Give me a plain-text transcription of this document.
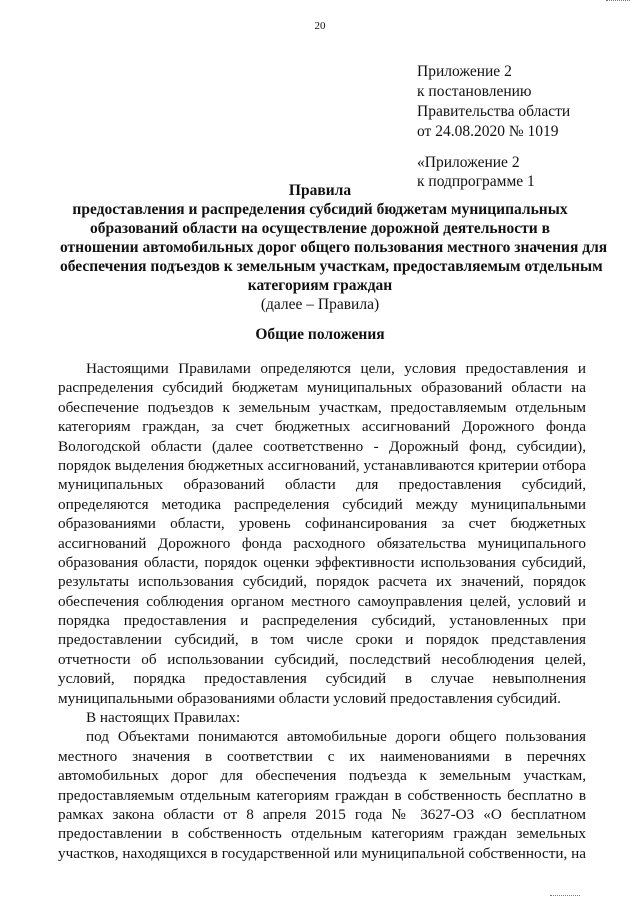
20
Приложение 2
к постановлению
Правительства области
от 24.08.2020 № 1019
«Приложение 2
к подпрограмме 1
Правила
предоставления и распределения субсидий бюджетам муниципальных
образований области на осуществление дорожной деятельности в
отношении автомобильных дорог общего пользования местного значения для
обеспечения подъездов к земельным участкам, предоставляемым отдельным
категориям граждан
(далее – Правила)
Общие положения
Настоящими Правилами определяются цели, условия предоставления и
распределения субсидий бюджетам муниципальных образований области на
обеспечение подъездов к земельным участкам, предоставляемым отдельным
категориям граждан, за счет бюджетных ассигнований Дорожного фонда
Вологодской области (далее соответственно - Дорожный фонд, субсидии),
порядок выделения бюджетных ассигнований, устанавливаются критерии отбора
муниципальных образований области для предоставления субсидий,
определяются методика распределения субсидий между муниципальными
образованиями области, уровень софинансирования за счет бюджетных
ассигнований Дорожного фонда расходного обязательства муниципального
образования области, порядок оценки эффективности использования субсидий,
результаты использования субсидий, порядок расчета их значений, порядок
обеспечения соблюдения органом местного самоуправления целей, условий и
порядка предоставления и распределения субсидий, установленных при
предоставлении субсидий, в том числе сроки и порядок представления
отчетности об использовании субсидий, последствий несоблюдения целей,
условий, порядка предоставления субсидий в случае невыполнения
муниципальными образованиями области условий предоставления субсидий.
В настоящих Правилах:
под Объектами понимаются автомобильные дороги общего пользования
местного значения в соответствии с их наименованиями в перечнях
автомобильных дорог для обеспечения подъезда к земельным участкам,
предоставляемым отдельным категориям граждан в собственность бесплатно в
рамках закона области от 8 апреля 2015 года № 3627-ОЗ «О бесплатном
предоставлении в собственность отдельным категориям граждан земельных
участков, находящихся в государственной или муниципальной собственности, на
